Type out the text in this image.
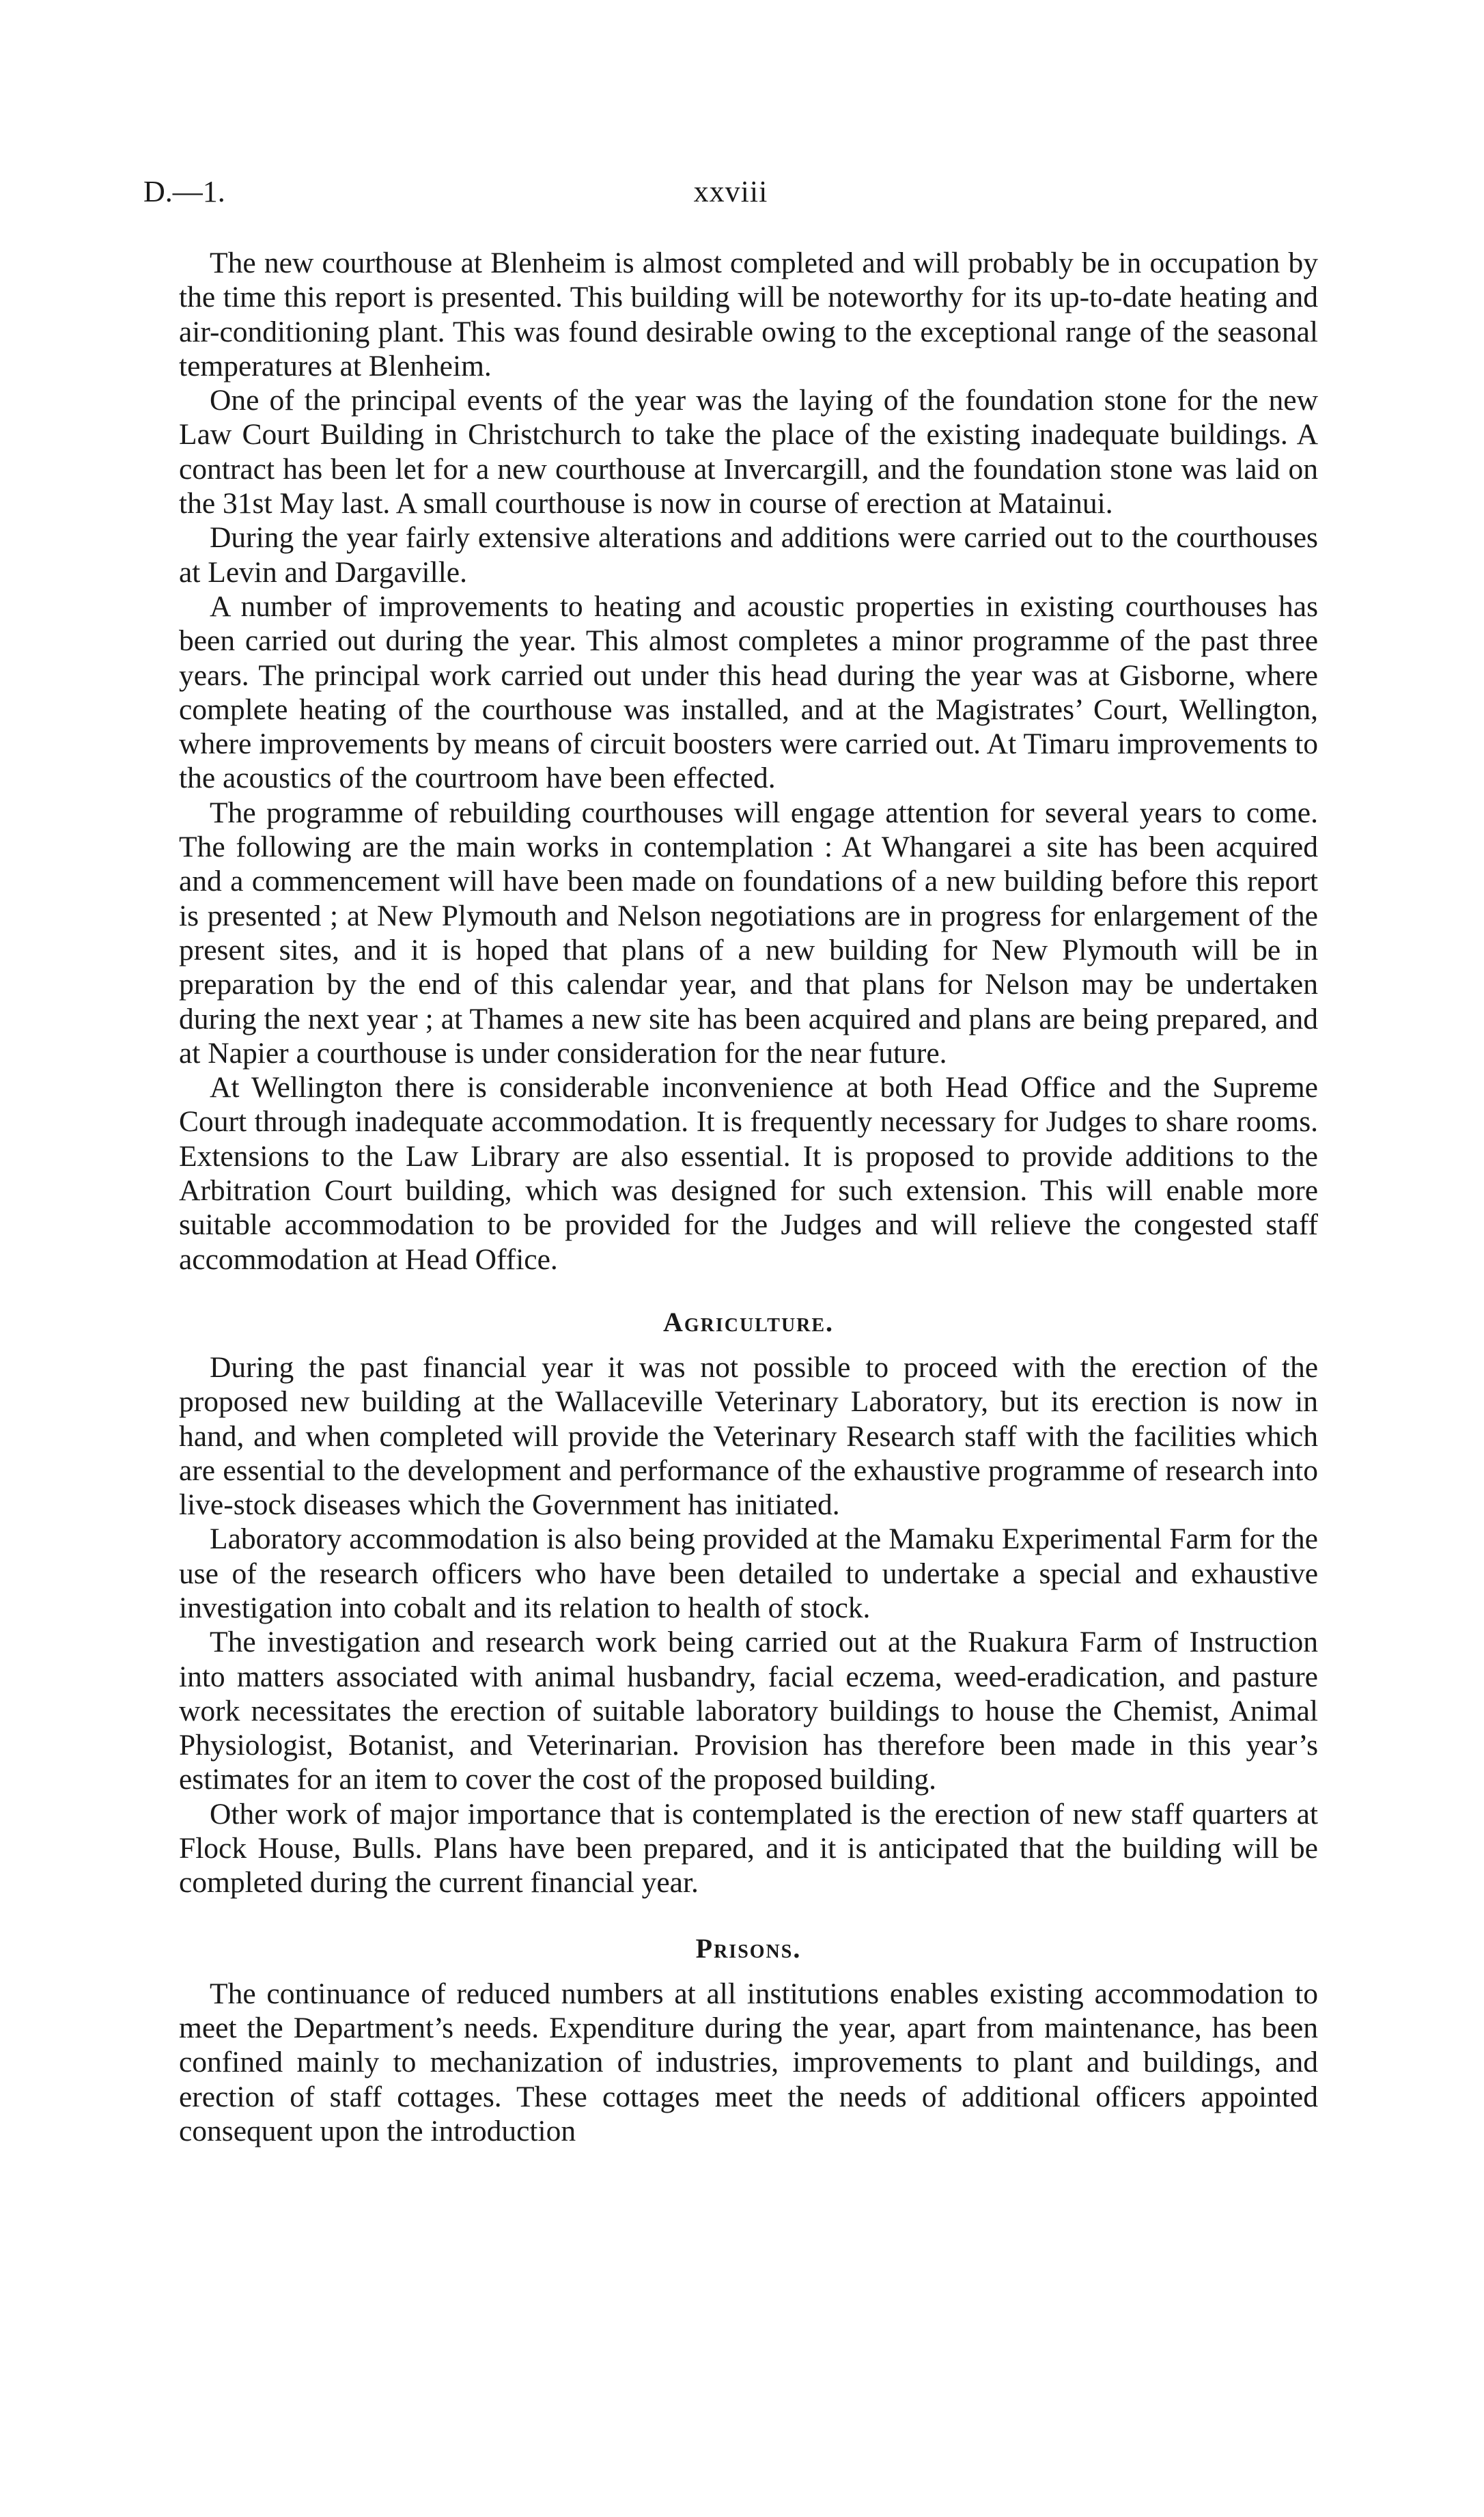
D.—1.	xxviii

The new courthouse at Blenheim is almost completed and will probably be in occupation by the time this report is presented. This building will be noteworthy for its up-to-date heating and air-conditioning plant. This was found desirable owing to the exceptional range of the seasonal temperatures at Blenheim.

One of the principal events of the year was the laying of the foundation stone for the new Law Court Building in Christchurch to take the place of the existing inadequate buildings. A contract has been let for a new courthouse at Invercargill, and the foundation stone was laid on the 31st May last. A small courthouse is now in course of erection at Matainui.

During the year fairly extensive alterations and additions were carried out to the courthouses at Levin and Dargaville.

A number of improvements to heating and acoustic properties in existing courthouses has been carried out during the year. This almost completes a minor programme of the past three years. The principal work carried out under this head during the year was at Gisborne, where complete heating of the courthouse was installed, and at the Magistrates’ Court, Wellington, where improvements by means of circuit boosters were carried out. At Timaru improvements to the acoustics of the courtroom have been effected.

The programme of rebuilding courthouses will engage attention for several years to come. The following are the main works in contemplation : At Whangarei a site has been acquired and a commencement will have been made on foundations of a new building before this report is presented ; at New Plymouth and Nelson negotiations are in progress for enlargement of the present sites, and it is hoped that plans of a new building for New Plymouth will be in preparation by the end of this calendar year, and that plans for Nelson may be undertaken during the next year ; at Thames a new site has been acquired and plans are being prepared, and at Napier a courthouse is under consideration for the near future.

At Wellington there is considerable inconvenience at both Head Office and the Supreme Court through inadequate accommodation. It is frequently necessary for Judges to share rooms. Extensions to the Law Library are also essential. It is proposed to provide additions to the Arbitration Court building, which was designed for such extension. This will enable more suitable accommodation to be provided for the Judges and will relieve the congested staff accommodation at Head Office.

Agriculture.

During the past financial year it was not possible to proceed with the erection of the proposed new building at the Wallaceville Veterinary Laboratory, but its erection is now in hand, and when completed will provide the Veterinary Research staff with the facilities which are essential to the development and performance of the exhaustive programme of research into live-stock diseases which the Government has initiated.

Laboratory accommodation is also being provided at the Mamaku Experimental Farm for the use of the research officers who have been detailed to undertake a special and exhaustive investigation into cobalt and its relation to health of stock.

The investigation and research work being carried out at the Ruakura Farm of Instruction into matters associated with animal husbandry, facial eczema, weed-eradication, and pasture work necessitates the erection of suitable laboratory buildings to house the Chemist, Animal Physiologist, Botanist, and Veterinarian. Provision has therefore been made in this year’s estimates for an item to cover the cost of the proposed building.

Other work of major importance that is contemplated is the erection of new staff quarters at Flock House, Bulls. Plans have been prepared, and it is anticipated that the building will be completed during the current financial year.

Prisons.

The continuance of reduced numbers at all institutions enables existing accommodation to meet the Department’s needs. Expenditure during the year, apart from maintenance, has been confined mainly to mechanization of industries, improvements to plant and buildings, and erection of staff cottages. These cottages meet the needs of additional officers appointed consequent upon the introduction
